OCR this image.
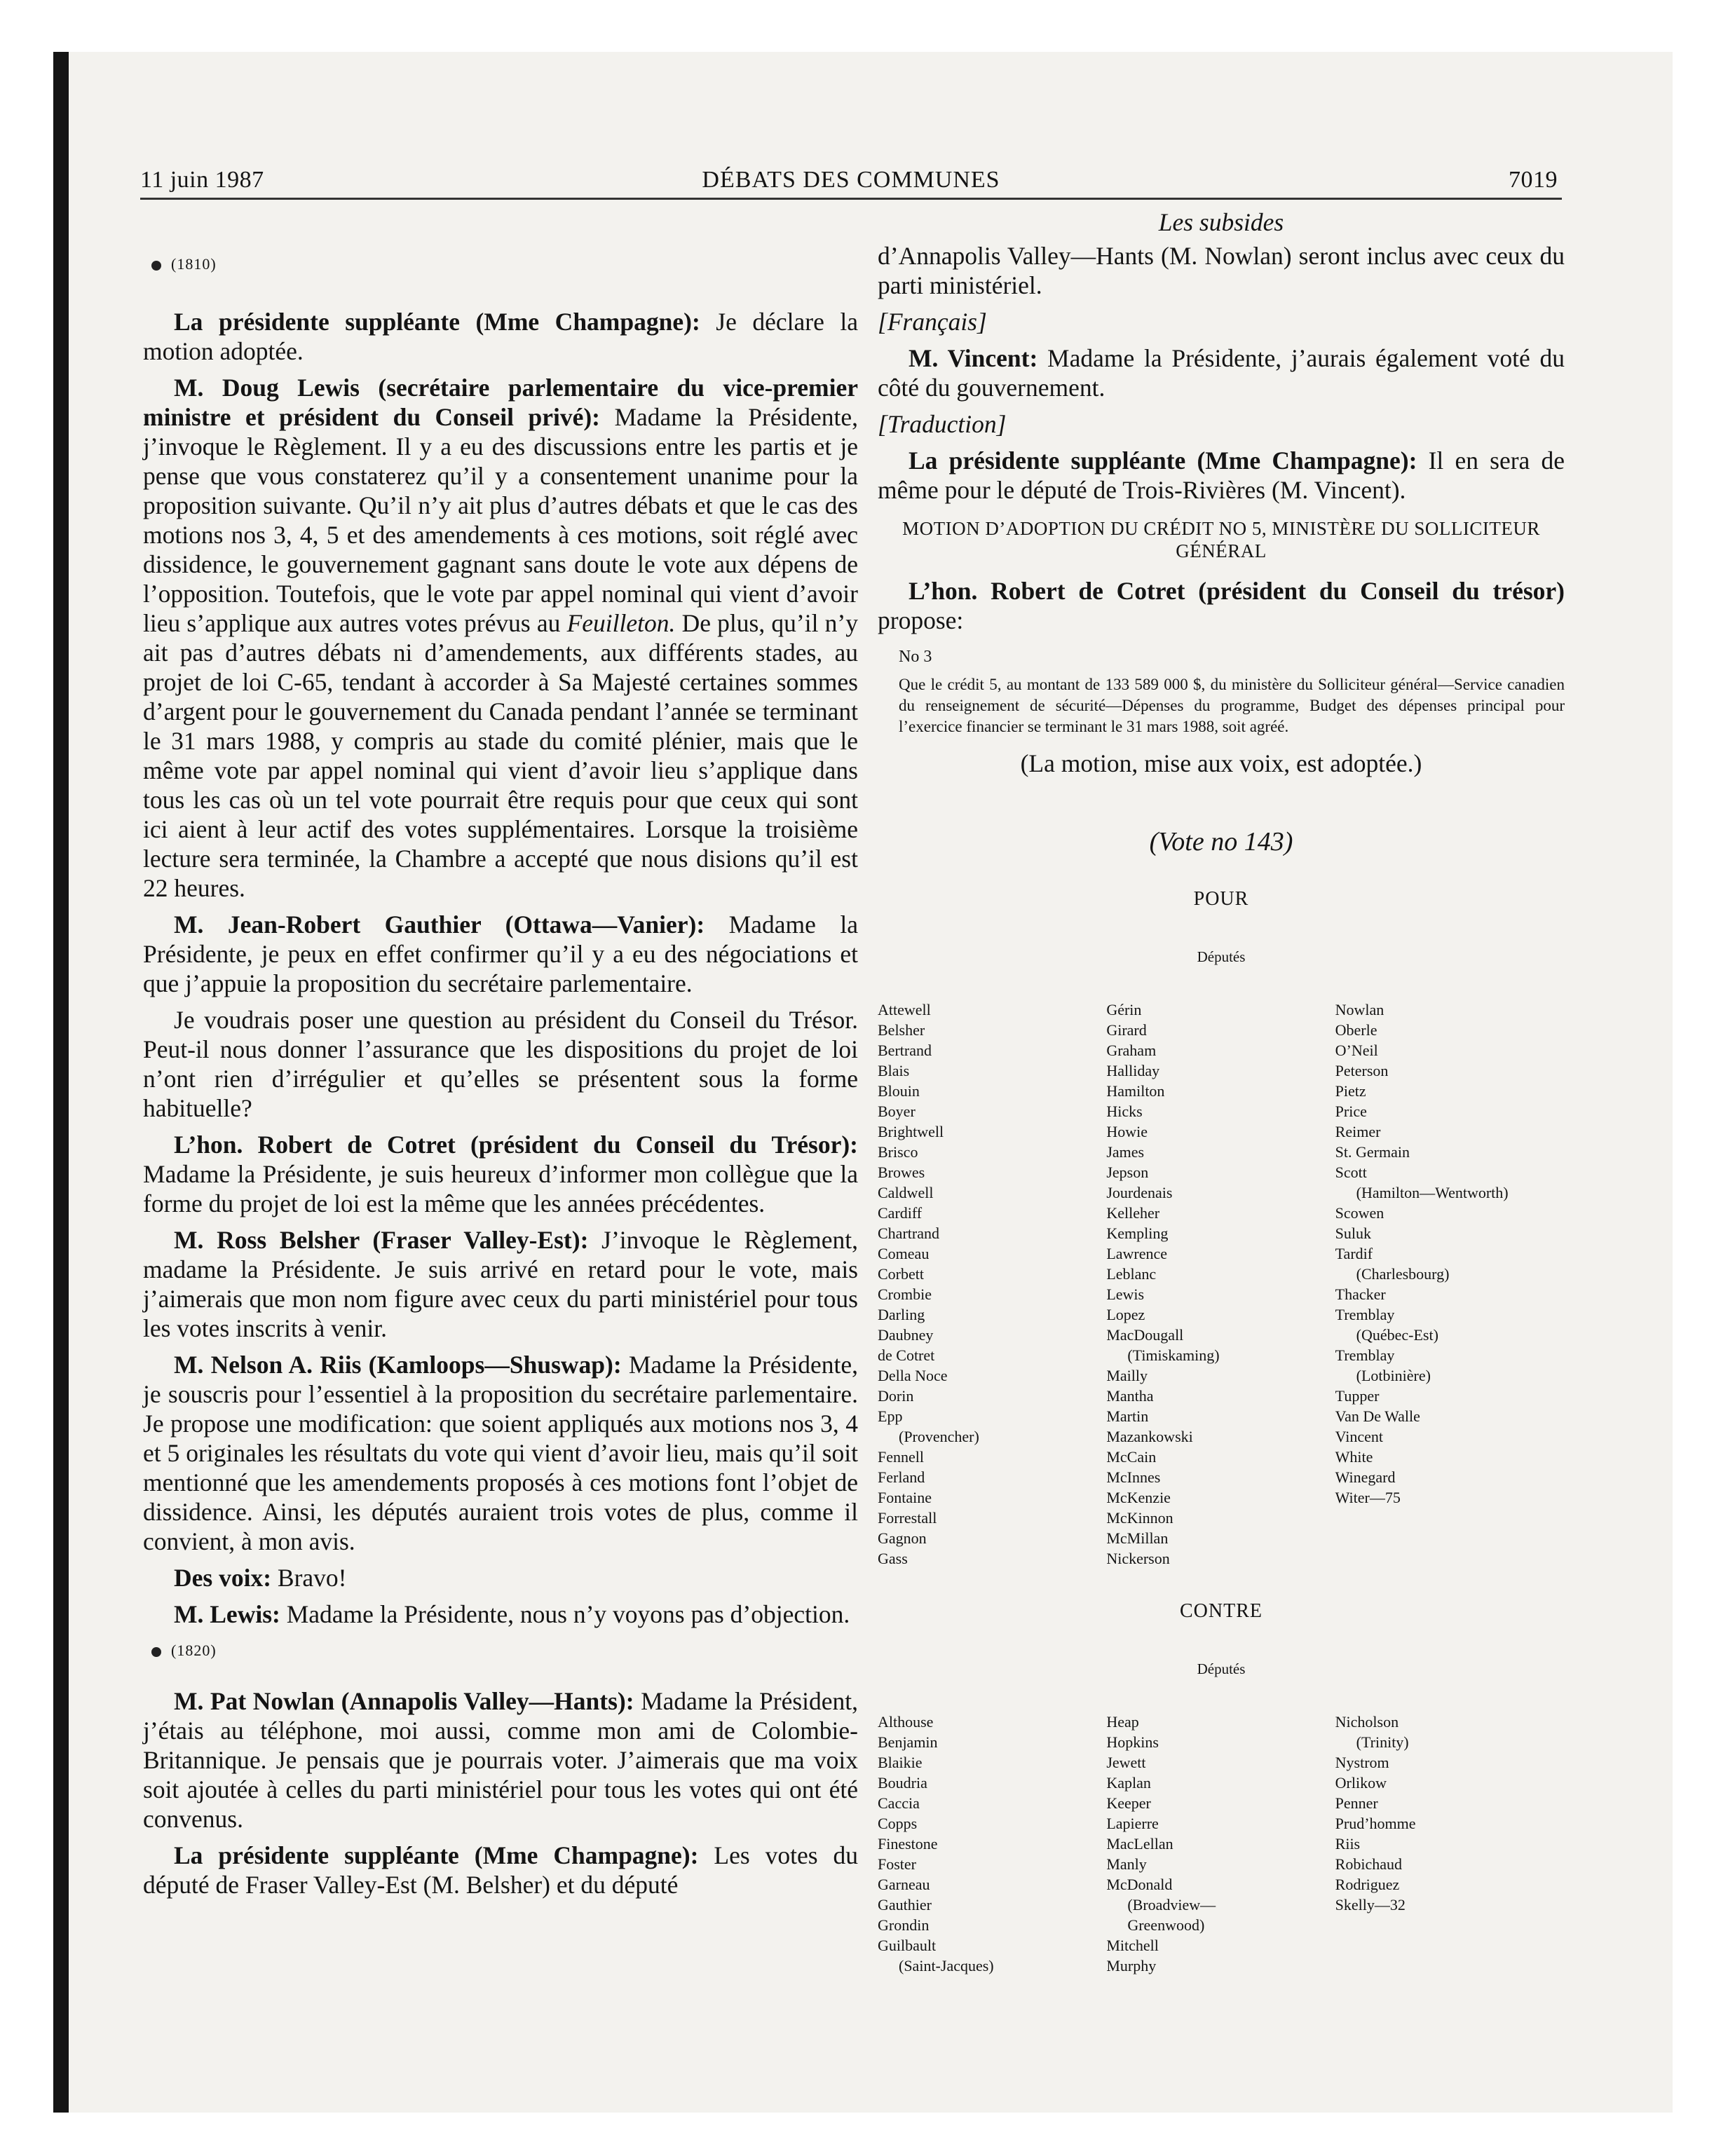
11 juin 1987	DÉBATS DES COMMUNES	7019
(1810)

La présidente suppléante (Mme Champagne): Je déclare la motion adoptée.

M. Doug Lewis (secrétaire parlementaire du vice-premier ministre et président du Conseil privé): Madame la Présidente, j’invoque le Règlement. Il y a eu des discussions entre les partis et je pense que vous constaterez qu’il y a consentement unanime pour la proposition suivante. Qu’il n’y ait plus d’autres débats et que le cas des motions nos 3, 4, 5 et des amendements à ces motions, soit réglé avec dissidence, le gouvernement gagnant sans doute le vote aux dépens de l’opposition. Toutefois, que le vote par appel nominal qui vient d’avoir lieu s’applique aux autres votes prévus au Feuilleton. De plus, qu’il n’y ait pas d’autres débats ni d’amendements, aux différents stades, au projet de loi C-65, tendant à accorder à Sa Majesté certaines sommes d’argent pour le gouvernement du Canada pendant l’année se terminant le 31 mars 1988, y compris au stade du comité plénier, mais que le même vote par appel nominal qui vient d’avoir lieu s’applique dans tous les cas où un tel vote pourrait être requis pour que ceux qui sont ici aient à leur actif des votes supplémentaires. Lorsque la troisième lecture sera terminée, la Chambre a accepté que nous disions qu’il est 22 heures.

M. Jean-Robert Gauthier (Ottawa—Vanier): Madame la Présidente, je peux en effet confirmer qu’il y a eu des négociations et que j’appuie la proposition du secrétaire parlementaire.

Je voudrais poser une question au président du Conseil du Trésor. Peut-il nous donner l’assurance que les dispositions du projet de loi n’ont rien d’irrégulier et qu’elles se présentent sous la forme habituelle?

L’hon. Robert de Cotret (président du Conseil du Trésor): Madame la Présidente, je suis heureux d’informer mon collègue que la forme du projet de loi est la même que les années précédentes.

M. Ross Belsher (Fraser Valley-Est): J’invoque le Règlement, madame la Présidente. Je suis arrivé en retard pour le vote, mais j’aimerais que mon nom figure avec ceux du parti ministériel pour tous les votes inscrits à venir.

M. Nelson A. Riis (Kamloops—Shuswap): Madame la Présidente, je souscris pour l’essentiel à la proposition du secrétaire parlementaire. Je propose une modification: que soient appliqués aux motions nos 3, 4 et 5 originales les résultats du vote qui vient d’avoir lieu, mais qu’il soit mentionné que les amendements proposés à ces motions font l’objet de dissidence. Ainsi, les députés auraient trois votes de plus, comme il convient, à mon avis.

Des voix: Bravo!

M. Lewis: Madame la Présidente, nous n’y voyons pas d’objection.

(1820)

M. Pat Nowlan (Annapolis Valley—Hants): Madame la Président, j’étais au téléphone, moi aussi, comme mon ami de Colombie-Britannique. Je pensais que je pourrais voter. J’aimerais que ma voix soit ajoutée à celles du parti ministériel pour tous les votes qui ont été convenus.

La présidente suppléante (Mme Champagne): Les votes du député de Fraser Valley-Est (M. Belsher) et du député

Les subsides

d’Annapolis Valley—Hants (M. Nowlan) seront inclus avec ceux du parti ministériel.

[Français]

M. Vincent: Madame la Présidente, j’aurais également voté du côté du gouvernement.

[Traduction]

La présidente suppléante (Mme Champagne): Il en sera de même pour le député de Trois-Rivières (M. Vincent).

MOTION D’ADOPTION DU CRÉDIT NO 5, MINISTÈRE DU SOLLICITEUR GÉNÉRAL

L’hon. Robert de Cotret (président du Conseil du trésor) propose:

No 3
Que le crédit 5, au montant de 133 589 000 $, du ministère du Solliciteur général—Service canadien du renseignement de sécurité—Dépenses du programme, Budget des dépenses principal pour l’exercice financier se terminant le 31 mars 1988, soit agréé.
(La motion, mise aux voix, est adoptée.)
(Vote no 143)
POUR
Députés
Attewell
Belsher
Bertrand
Blais
Blouin
Boyer
Brightwell
Brisco
Browes
Caldwell
Cardiff
Chartrand
Comeau
Corbett
Crombie
Darling
Daubney
de Cotret
Della Noce
Dorin
Epp
(Provencher)
Fennell
Ferland
Fontaine
Forrestall
Gagnon
Gass
Gérin
Girard
Graham
Halliday
Hamilton
Hicks
Howie
James
Jepson
Jourdenais
Kelleher
Kempling
Lawrence
Leblanc
Lewis
Lopez
MacDougall
(Timiskaming)
Mailly
Mantha
Martin
Mazankowski
McCain
McInnes
McKenzie
McKinnon
McMillan
Nickerson
Nowlan
Oberle
O’Neil
Peterson
Pietz
Price
Reimer
St. Germain
Scott
(Hamilton—Wentworth)
Scowen
Suluk
Tardif
(Charlesbourg)
Thacker
Tremblay
(Québec-Est)
Tremblay
(Lotbinière)
Tupper
Van De Walle
Vincent
White
Winegard
Witer—75
CONTRE
Députés
Althouse
Benjamin
Blaikie
Boudria
Caccia
Copps
Finestone
Foster
Garneau
Gauthier
Grondin
Guilbault
(Saint-Jacques)
Heap
Hopkins
Jewett
Kaplan
Keeper
Lapierre
MacLellan
Manly
McDonald
(Broadview—
Greenwood)
Mitchell
Murphy
Nicholson
(Trinity)
Nystrom
Orlikow
Penner
Prud’homme
Riis
Robichaud
Rodriguez
Skelly—32
